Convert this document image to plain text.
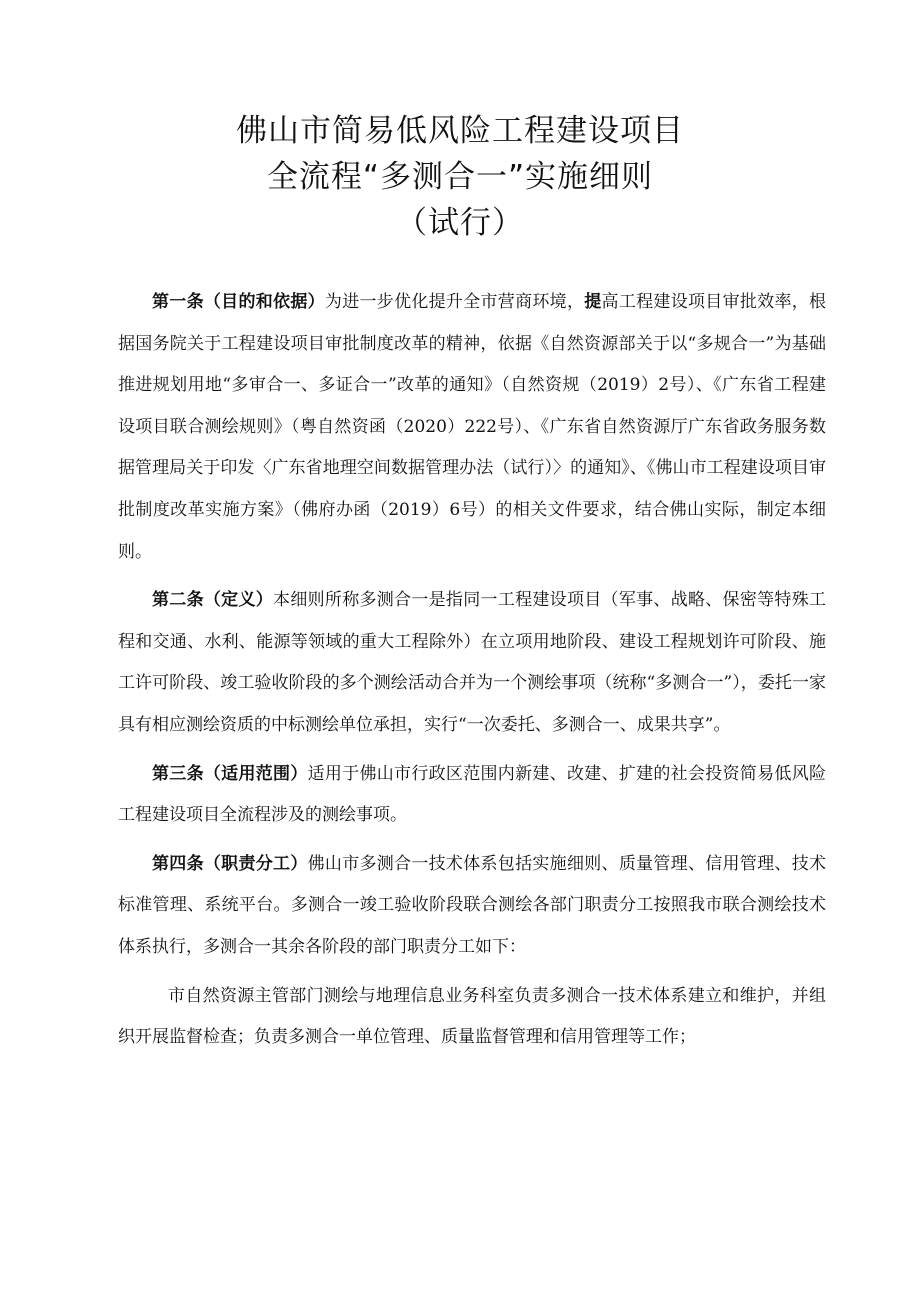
佛山市简易低风险工程建设项目
全流程“多测合一”实施细则
（试行）

第一条（目的和依据）为进一步优化提升全市营商环境，提高工程建设项目审批效率，根据国务院关于工程建设项目审批制度改革的精神，依据《自然资源部关于以“多规合一”为基础推进规划用地“多审合一、多证合一”改革的通知》（自然资规（2019）2号）、《广东省工程建设项目联合测绘规则》（粤自然资函（2020）222号）、《广东省自然资源厅广东省政务服务数据管理局关于印发〈广东省地理空间数据管理办法（试行）〉的通知》、《佛山市工程建设项目审批制度改革实施方案》（佛府办函（2019）6号）的相关文件要求，结合佛山实际，制定本细则。

第二条（定义）本细则所称多测合一是指同一工程建设项目（军事、战略、保密等特殊工程和交通、水利、能源等领域的重大工程除外）在立项用地阶段、建设工程规划许可阶段、施工许可阶段、竣工验收阶段的多个测绘活动合并为一个测绘事项（统称“多测合一”），委托一家具有相应测绘资质的中标测绘单位承担，实行“一次委托、多测合一、成果共享”。

第三条（适用范围）适用于佛山市行政区范围内新建、改建、扩建的社会投资简易低风险工程建设项目全流程涉及的测绘事项。

第四条（职责分工）佛山市多测合一技术体系包括实施细则、质量管理、信用管理、技术标准管理、系统平台。多测合一竣工验收阶段联合测绘各部门职责分工按照我市联合测绘技术体系执行，多测合一其余各阶段的部门职责分工如下：

市自然资源主管部门测绘与地理信息业务科室负责多测合一技术体系建立和维护，并组织开展监督检查；负责多测合一单位管理、质量监督管理和信用管理等工作；
